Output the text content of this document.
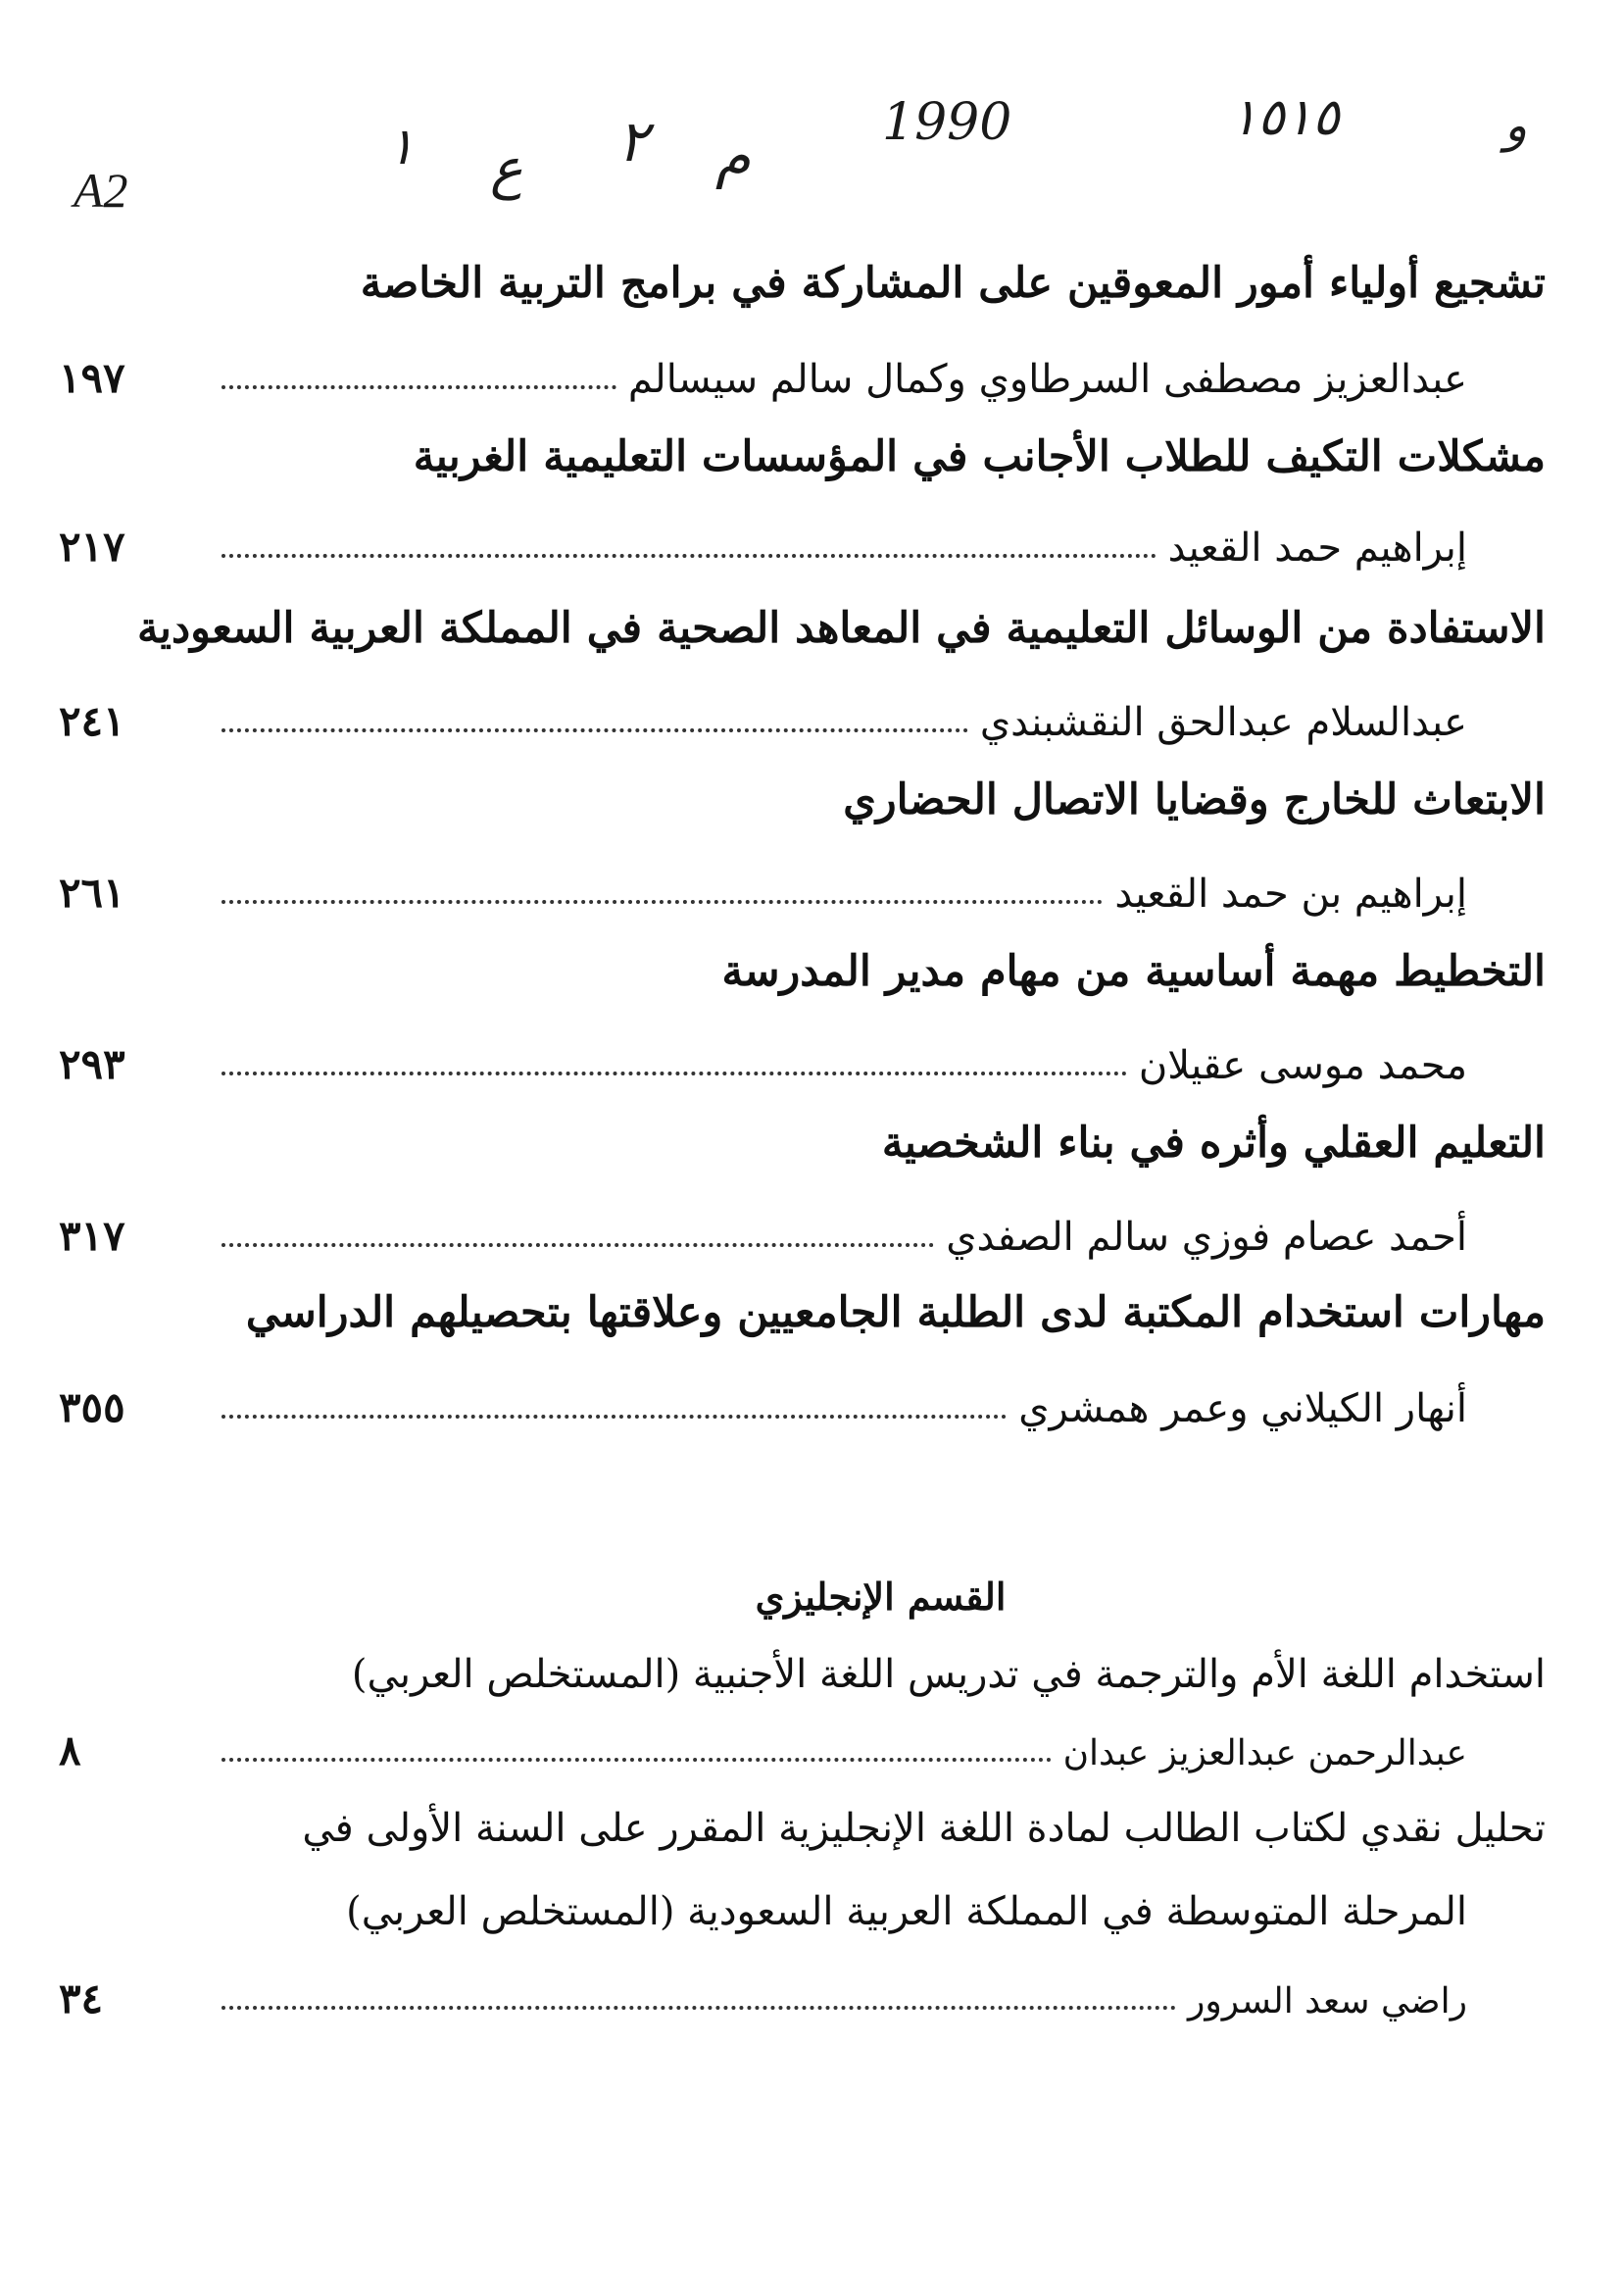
A2
١ ع ٢ م	1990	١٥١٥	و
تشجيع أولياء أمور المعوقين على المشاركة في برامج التربية الخاصة
١٩٧	عبدالعزيز مصطفى السرطاوي وكمال سالم سيسالم
مشكلات التكيف للطلاب الأجانب في المؤسسات التعليمية الغربية
٢١٧	إبراهيم حمد القعيد
الاستفادة من الوسائل التعليمية في المعاهد الصحية في المملكة العربية السعودية
٢٤١	عبدالسلام عبدالحق النقشبندي
الابتعاث للخارج وقضايا الاتصال الحضاري
٢٦١	إبراهيم بن حمد القعيد
التخطيط مهمة أساسية من مهام مدير المدرسة
٢٩٣	محمد موسى عقيلان
التعليم العقلي وأثره في بناء الشخصية
٣١٧	أحمد عصام فوزي سالم الصفدي
مهارات استخدام المكتبة لدى الطلبة الجامعيين وعلاقتها بتحصيلهم الدراسي
٣٥٥	أنهار الكيلاني وعمر همشري
القسم الإنجليزي
استخدام اللغة الأم والترجمة في تدريس اللغة الأجنبية (المستخلص العربي)
٨	عبدالرحمن عبدالعزيز عبدان
تحليل نقدي لكتاب الطالب لمادة اللغة الإنجليزية المقرر على السنة الأولى في
المرحلة المتوسطة في المملكة العربية السعودية (المستخلص العربي)
٣٤	راضي سعد السرور
